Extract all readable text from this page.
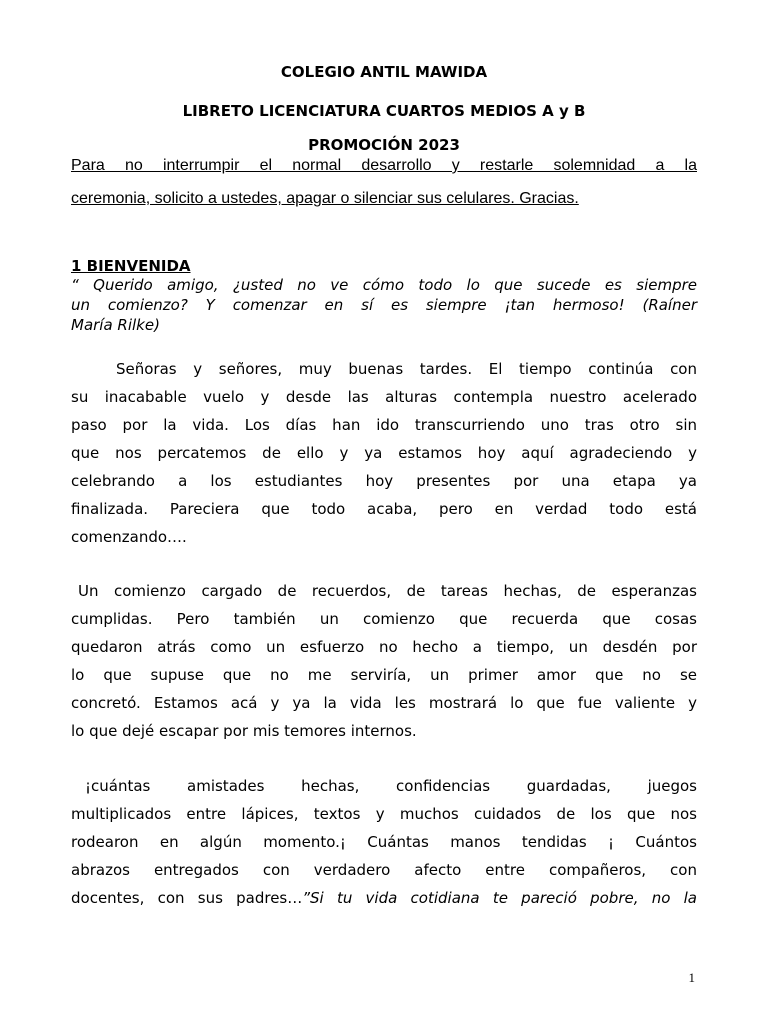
COLEGIO ANTIL MAWIDA
LIBRETO LICENCIATURA CUARTOS MEDIOS A y B
PROMOCIÓN 2023
Para no interrumpir el normal desarrollo y restarle solemnidad a la
ceremonia, solicito a ustedes, apagar o silenciar sus celulares. Gracias.
1 BIENVENIDA
“ Querido amigo, ¿usted no ve cómo todo lo que sucede es siempre
un comienzo? Y comenzar en sí es siempre ¡tan hermoso! (Raíner
María Rilke)
Señoras y señores, muy buenas tardes. El tiempo continúa con
su inacabable vuelo y desde las alturas contempla nuestro acelerado
paso por la vida. Los días han ido transcurriendo uno tras otro sin
que nos percatemos de ello y ya estamos hoy aquí agradeciendo y
celebrando a los estudiantes hoy presentes por una etapa ya
finalizada. Pareciera que todo acaba, pero en verdad todo está
comenzando….
Un comienzo cargado de recuerdos, de tareas hechas, de esperanzas
cumplidas. Pero también un comienzo que recuerda que cosas
quedaron atrás como un esfuerzo no hecho a tiempo, un desdén por
lo que supuse que no me serviría, un primer amor que no se
concretó. Estamos acá y ya la vida les mostrará lo que fue valiente y
lo que dejé escapar por mis temores internos.
¡cuántas amistades hechas, confidencias guardadas, juegos
multiplicados entre lápices, textos y muchos cuidados de los que nos
rodearon en algún momento.¡ Cuántas manos tendidas ¡ Cuántos
abrazos entregados con verdadero afecto entre compañeros, con
docentes, con sus padres…”Si tu vida cotidiana te pareció pobre, no la
1
